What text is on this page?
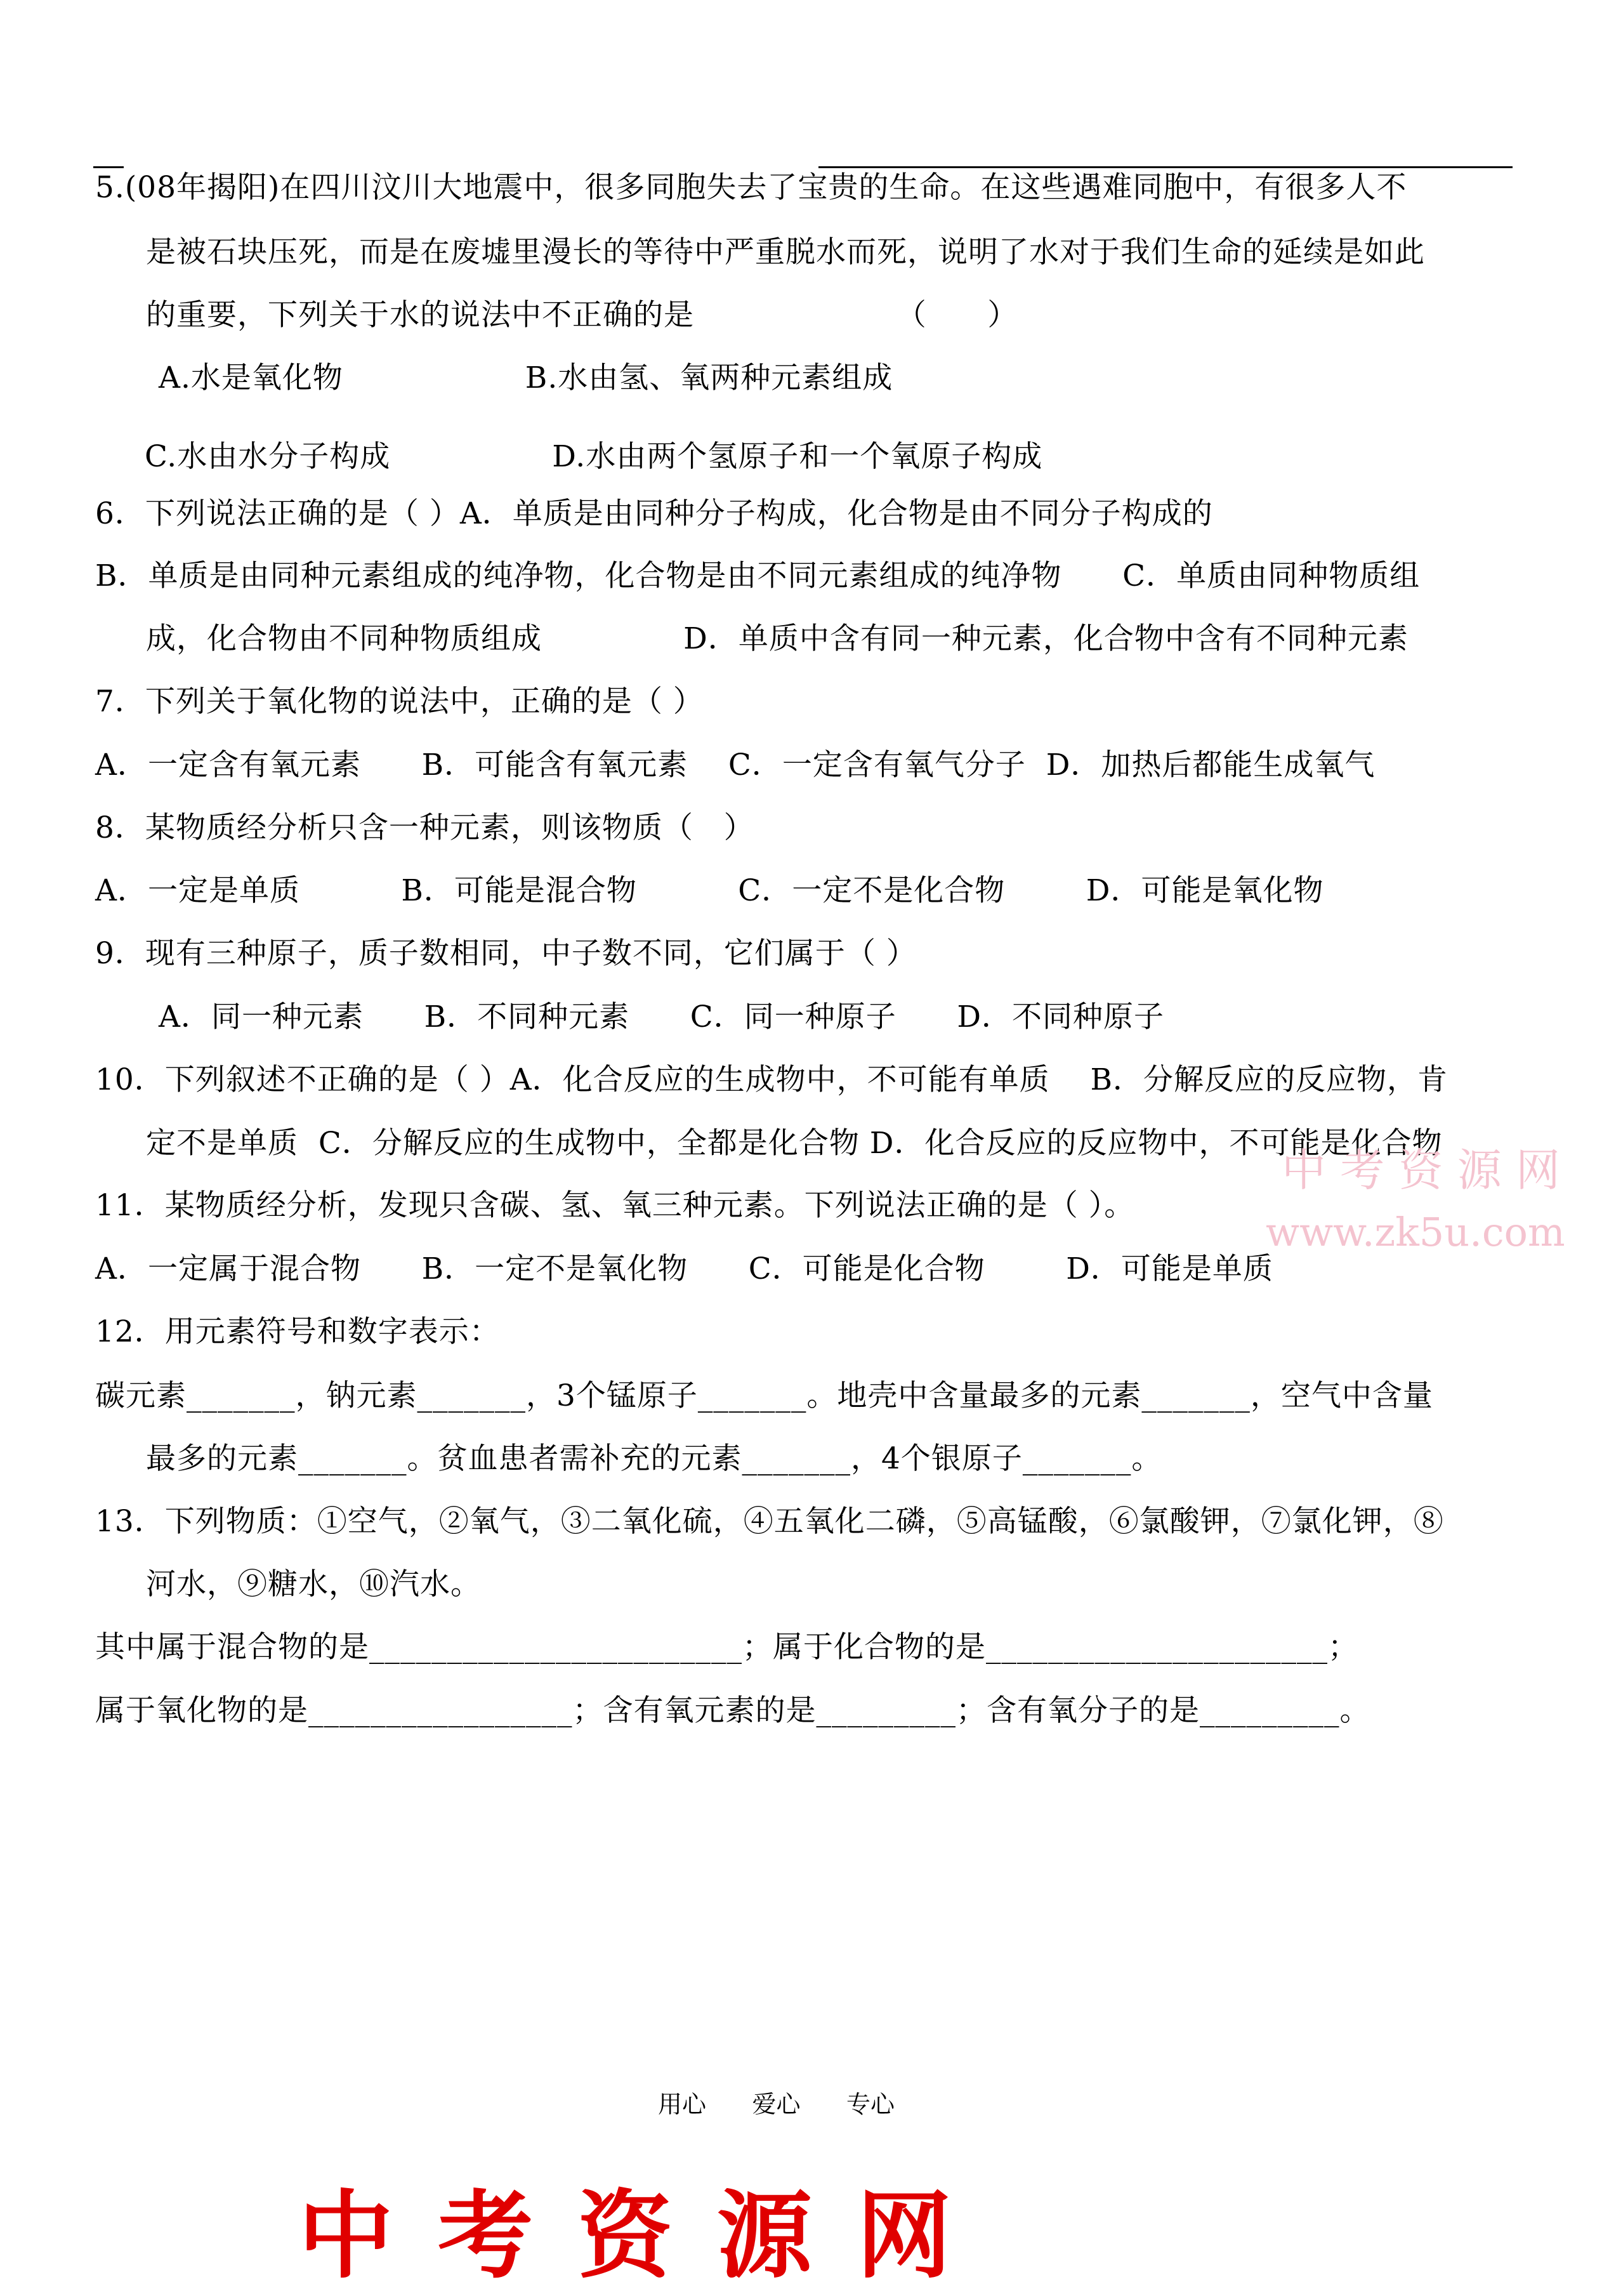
5.(08年揭阳)在四川汶川大地震中，很多同胞失去了宝贵的生命。在这些遇难同胞中，有很多人不
是被石块压死，而是在废墟里漫长的等待中严重脱水而死，说明了水对于我们生命的延续是如此
的重要，下列关于水的说法中不正确的是                    （      ）
A.水是氧化物                  B.水由氢、氧两种元素组成
C.水由水分子构成                D.水由两个氢原子和一个氧原子构成
6．下列说法正确的是（ ）A．单质是由同种分子构成，化合物是由不同分子构成的
B．单质是由同种元素组成的纯净物，化合物是由不同元素组成的纯净物      C．单质由同种物质组
成，化合物由不同种物质组成              D．单质中含有同一种元素，化合物中含有不同种元素
7．下列关于氧化物的说法中，正确的是（ ）
A．一定含有氧元素      B．可能含有氧元素    C．一定含有氧气分子  D．加热后都能生成氧气
8．某物质经分析只含一种元素，则该物质（   ）
A．一定是单质          B．可能是混合物          C．一定不是化合物        D．可能是氧化物
9．现有三种原子，质子数相同，中子数不同，它们属于（ ）
A．同一种元素      B．不同种元素      C．同一种原子      D．不同种原子
10．下列叙述不正确的是（ ）A．化合反应的生成物中，不可能有单质    B．分解反应的反应物，肯
定不是单质  C．分解反应的生成物中，全都是化合物 D．化合反应的反应物中，不可能是化合物
11．某物质经分析，发现只含碳、氢、氧三种元素。下列说法正确的是（ ）。
A．一定属于混合物      B．一定不是氧化物      C．可能是化合物        D．可能是单质
12．用元素符号和数字表示：
碳元素_______，钠元素_______，3个锰原子_______。地壳中含量最多的元素_______，空气中含量
最多的元素_______。贫血患者需补充的元素_______，4个银原子_______。
13．下列物质：①空气，②氧气，③二氧化硫，④五氧化二磷，⑤高锰酸，⑥氯酸钾，⑦氯化钾，⑧
河水，⑨糖水，⑩汽水。
其中属于混合物的是________________________；属于化合物的是______________________；
属于氧化物的是_________________；含有氧元素的是_________；含有氧分子的是_________。
中 考 资 源 网
www.zk5u.com
用心      爱心      专心
中考资源网
